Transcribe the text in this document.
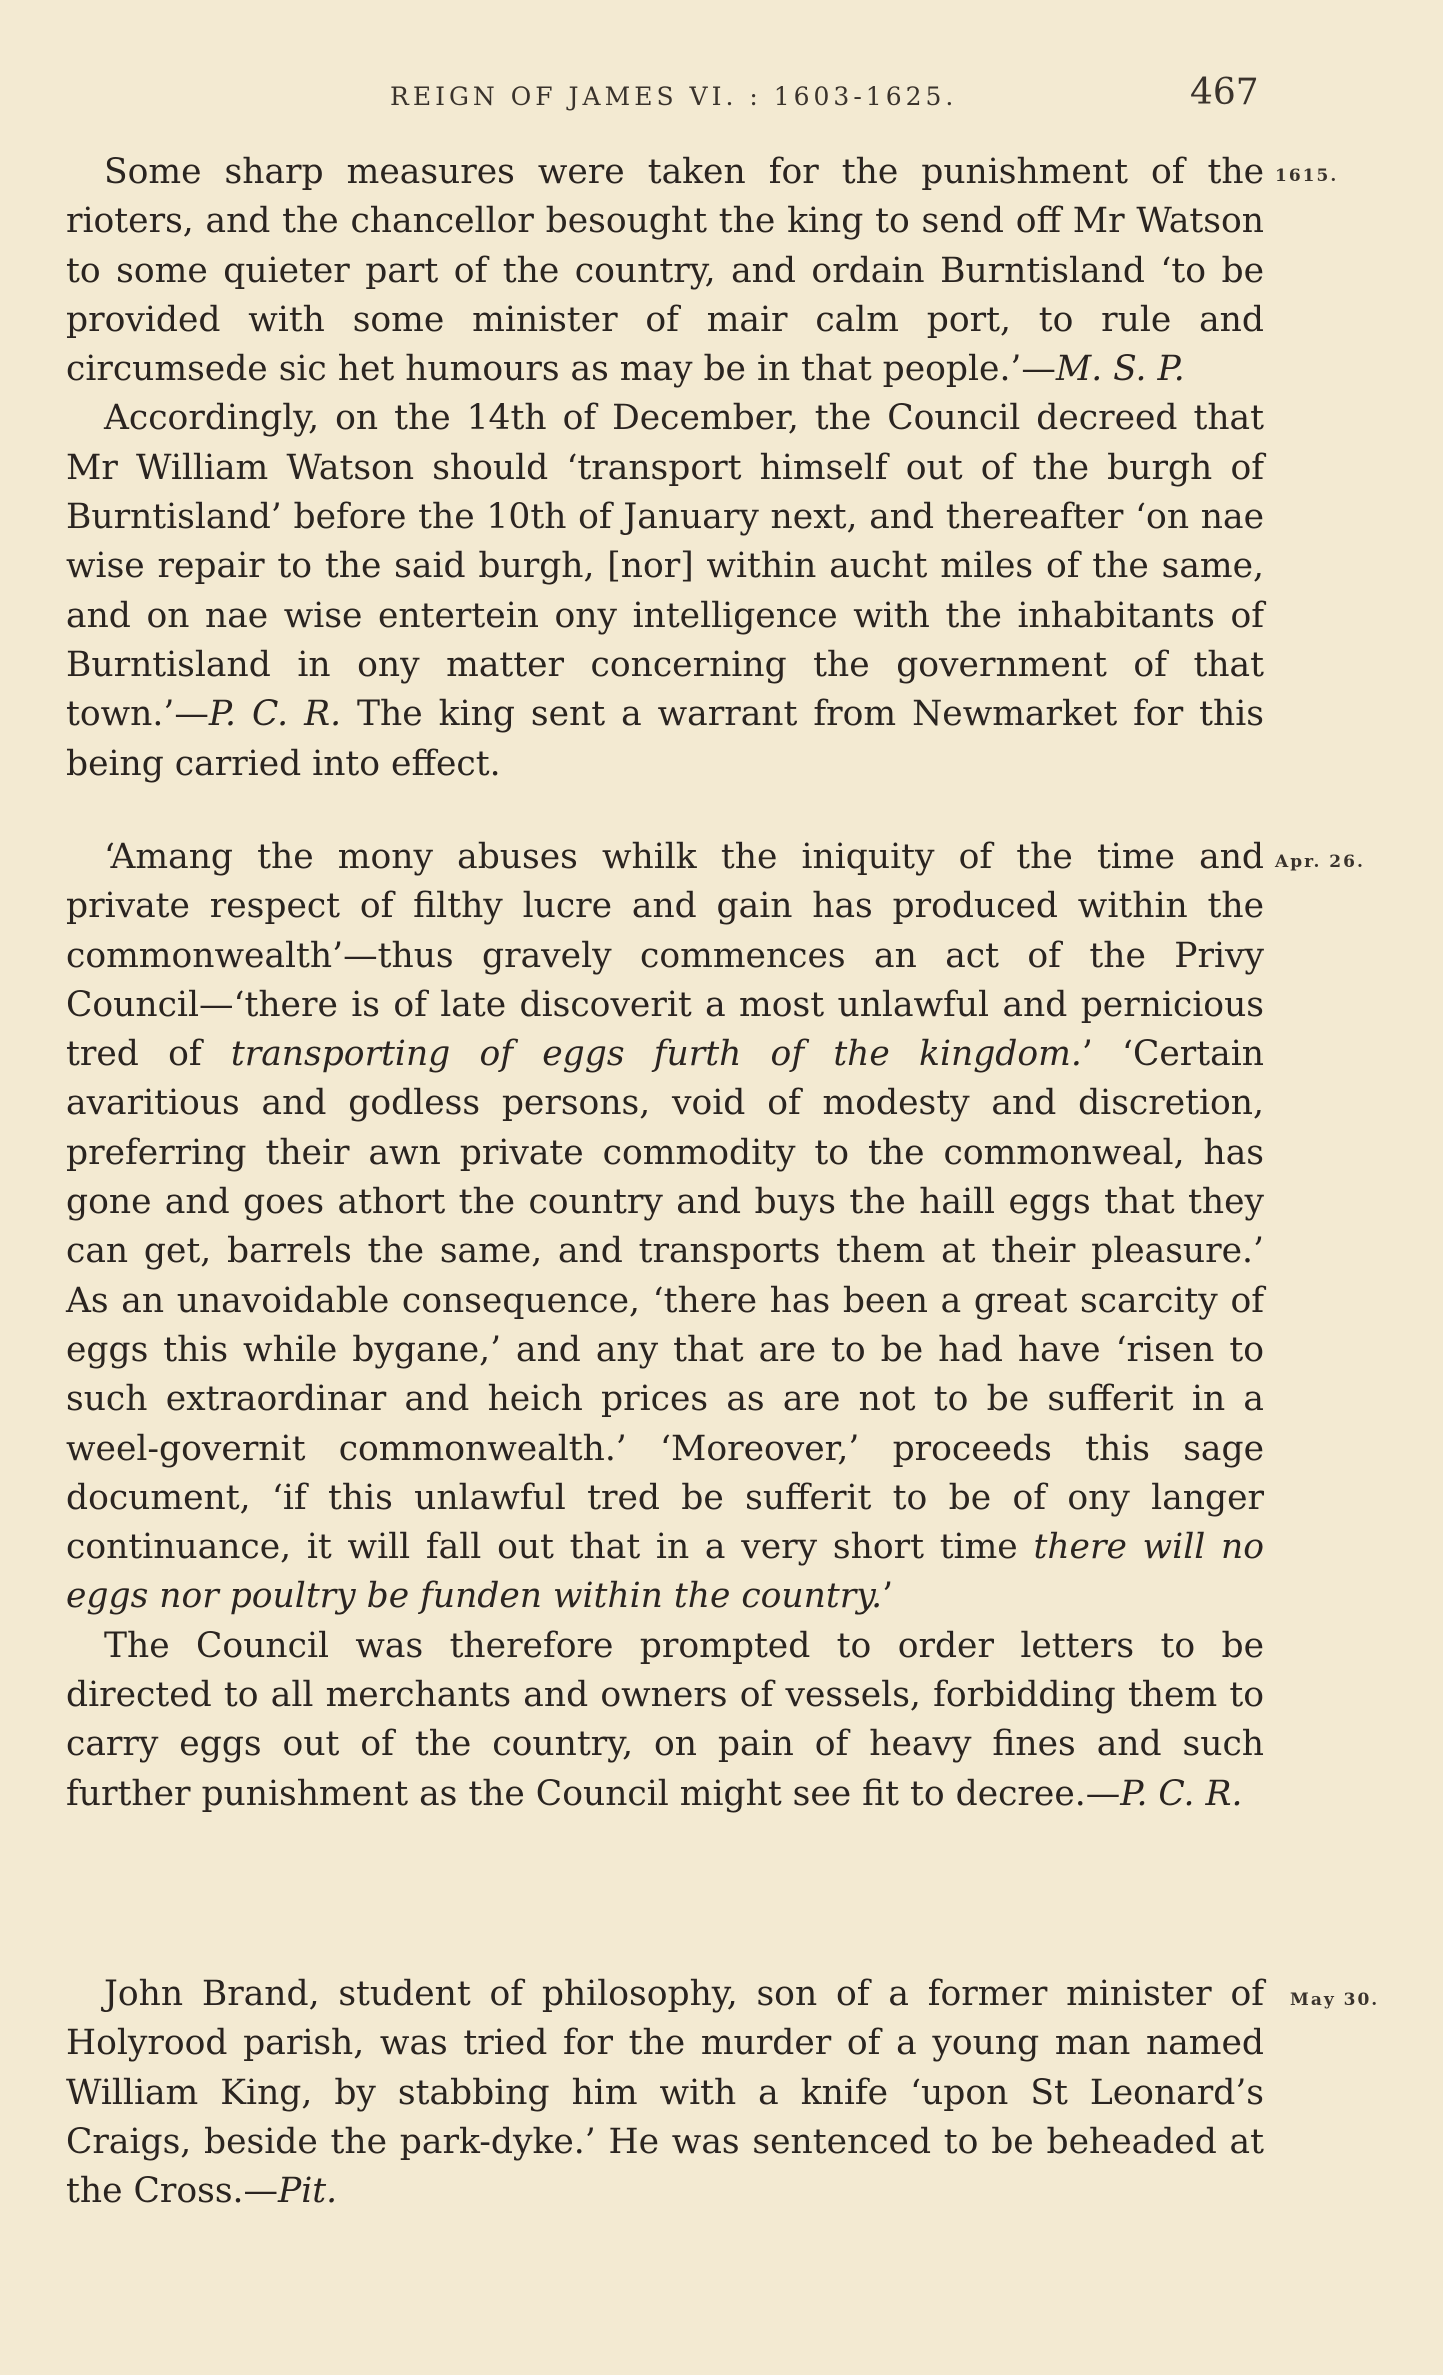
REIGN OF JAMES VI. : 1603-1625.	467
1615.
Apr. 26.
May 30.

Some sharp measures were taken for the punishment of the rioters, and the chancellor besought the king to send off Mr Watson to some quieter part of the country, and ordain Burntisland ‘to be provided with some minister of mair calm port, to rule and circumsede sic het humours as may be in that people.’—M. S. P.

Accordingly, on the 14th of December, the Council decreed that Mr William Watson should ‘transport himself out of the burgh of Burntisland’ before the 10th of January next, and thereafter ‘on nae wise repair to the said burgh, [nor] within aucht miles of the same, and on nae wise entertein ony intelligence with the inhabitants of Burntisland in ony matter concerning the government of that town.’—P. C. R. The king sent a warrant from Newmarket for this being carried into effect.

‘Amang the mony abuses whilk the iniquity of the time and private respect of filthy lucre and gain has produced within the commonwealth’—thus gravely commences an act of the Privy Council—‘there is of late discoverit a most unlawful and pernicious tred of transporting of eggs furth of the kingdom.’ ‘Certain avaritious and godless persons, void of modesty and discretion, preferring their awn private commodity to the commonweal, has gone and goes athort the country and buys the haill eggs that they can get, barrels the same, and transports them at their pleasure.’ As an unavoidable consequence, ‘there has been a great scarcity of eggs this while bygane,’ and any that are to be had have ‘risen to such extraordinar and heich prices as are not to be sufferit in a weel-governit commonwealth.’ ‘Moreover,’ proceeds this sage document, ‘if this unlawful tred be sufferit to be of ony langer continuance, it will fall out that in a very short time there will no eggs nor poultry be funden within the country.’

The Council was therefore prompted to order letters to be directed to all merchants and owners of vessels, forbidding them to carry eggs out of the country, on pain of heavy fines and such further punishment as the Council might see fit to decree.—P. C. R.

John Brand, student of philosophy, son of a former minister of Holyrood parish, was tried for the murder of a young man named William King, by stabbing him with a knife ‘upon St Leonard’s Craigs, beside the park-dyke.’ He was sentenced to be beheaded at the Cross.—Pit.
